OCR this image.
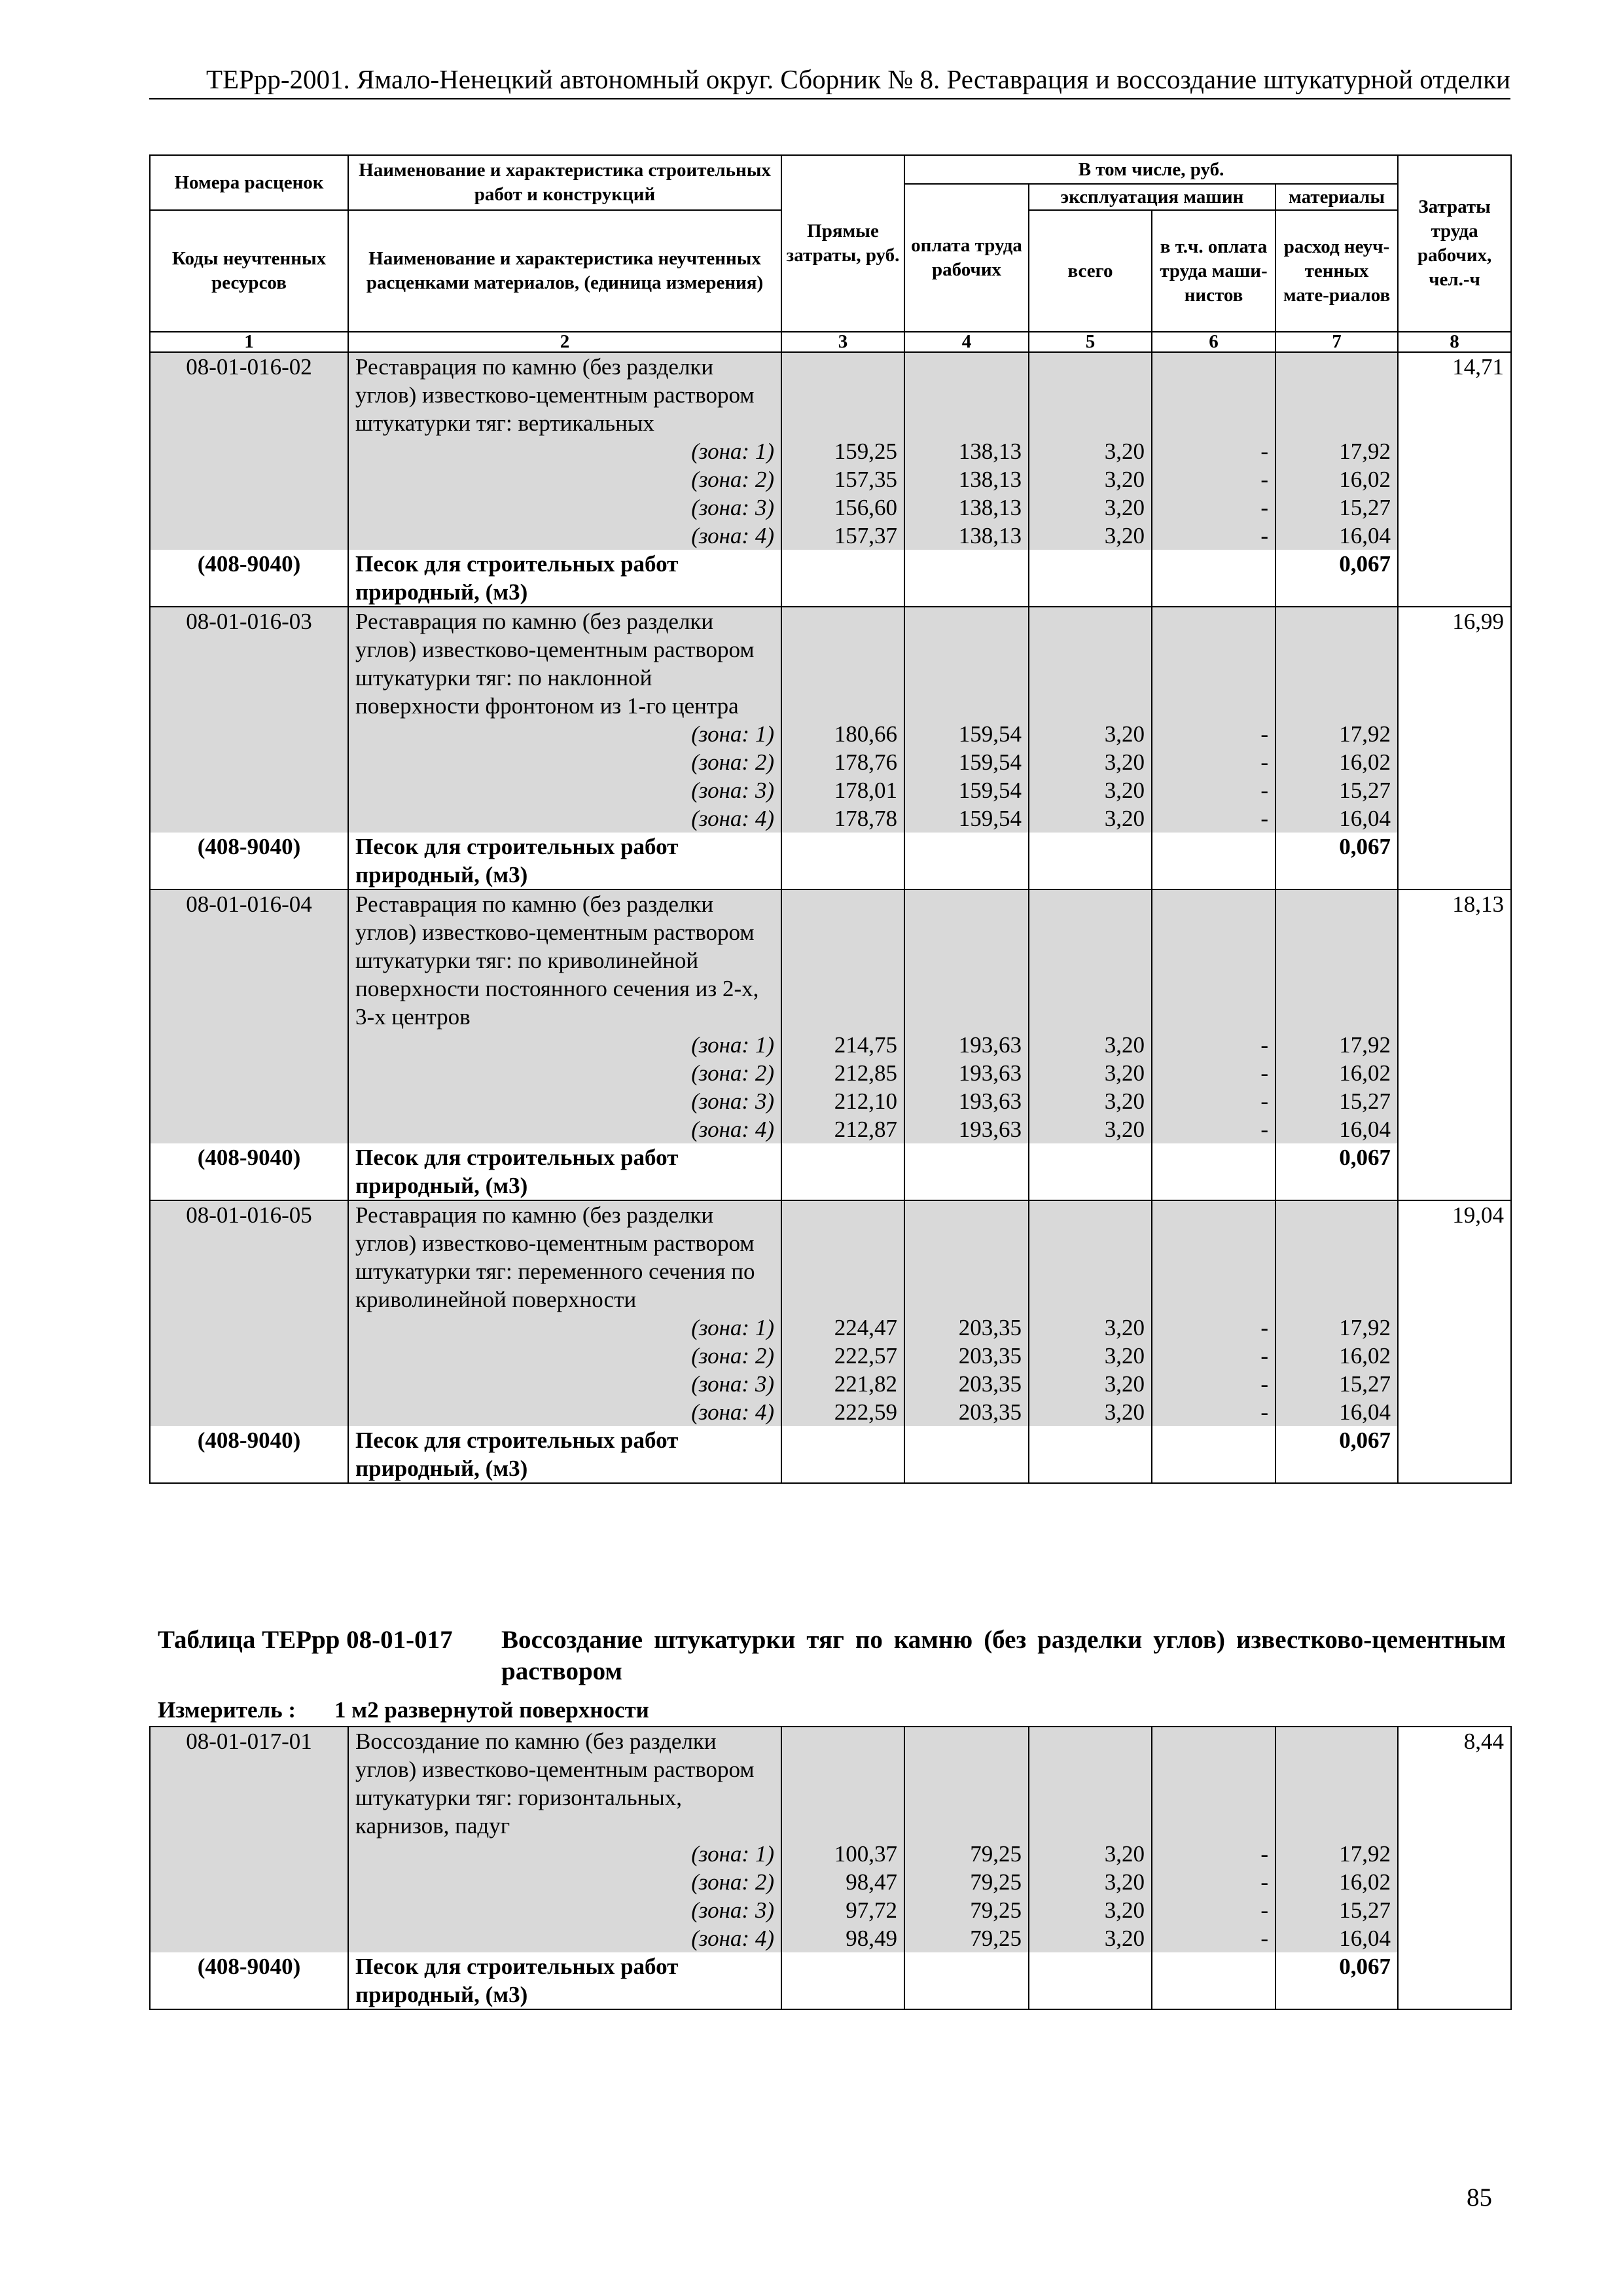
ТЕРрр-2001. Ямало-Ненецкий автономный округ. Сборник № 8. Реставрация и воссоздание штукатурной отделки
Номера расценок	Наименование и характеристика строительных работ и конструкций	Прямые затраты, руб.	В том числе, руб.				Затраты труда рабочих, чел.-ч
			оплата труда рабочих	эксплуатация машин		материалы	
Коды неучтенных ресурсов	Наименование и характеристика неучтенных расценками материалов, (единица измерения)			всего	в т.ч. оплата труда маши-нистов	расход неуч-тенных мате-риалов	

1	2	3	4	5	6	7	8
08-01-016-02	Реставрация по камню (без разделки углов) известково-цементным раствором штукатурки тяг: вертикальных						14,71
	(зона: 1)	159,25	138,13	3,20	-	17,92	
	(зона: 2)	157,35	138,13	3,20	-	16,02	
	(зона: 3)	156,60	138,13	3,20	-	15,27	
	(зона: 4)	157,37	138,13	3,20	-	16,04	
(408-9040)	Песок для строительных работ природный, (м3)					0,067	
08-01-016-03	Реставрация по камню (без разделки углов) известково-цементным раствором штукатурки тяг: по наклонной поверхности фронтоном из 1-го центра						16,99
	(зона: 1)	180,66	159,54	3,20	-	17,92	
	(зона: 2)	178,76	159,54	3,20	-	16,02	
	(зона: 3)	178,01	159,54	3,20	-	15,27	
	(зона: 4)	178,78	159,54	3,20	-	16,04	
(408-9040)	Песок для строительных работ природный, (м3)					0,067	
08-01-016-04	Реставрация по камню (без разделки углов) известково-цементным раствором штукатурки тяг: по криволинейной поверхности постоянного сечения из 2-х, 3-х центров						18,13
	(зона: 1)	214,75	193,63	3,20	-	17,92	
	(зона: 2)	212,85	193,63	3,20	-	16,02	
	(зона: 3)	212,10	193,63	3,20	-	15,27	
	(зона: 4)	212,87	193,63	3,20	-	16,04	
(408-9040)	Песок для строительных работ природный, (м3)					0,067	
08-01-016-05	Реставрация по камню (без разделки углов) известково-цементным раствором штукатурки тяг: переменного сечения по криволинейной поверхности						19,04
	(зона: 1)	224,47	203,35	3,20	-	17,92	
	(зона: 2)	222,57	203,35	3,20	-	16,02	
	(зона: 3)	221,82	203,35	3,20	-	15,27	
	(зона: 4)	222,59	203,35	3,20	-	16,04	
(408-9040)	Песок для строительных работ природный, (м3)					0,067	
Таблица ТЕРрр 08-01-017 Воссоздание штукатурки тяг по камню (без разделки углов) известково-цементным раствором
Измеритель : 1 м2 развернутой поверхности
08-01-017-01	Воссоздание по камню (без разделки углов) известково-цементным раствором штукатурки тяг: горизонтальных, карнизов, падуг						8,44
	(зона: 1)	100,37	79,25	3,20	-	17,92	
	(зона: 2)	98,47	79,25	3,20	-	16,02	
	(зона: 3)	97,72	79,25	3,20	-	15,27	
	(зона: 4)	98,49	79,25	3,20	-	16,04	
(408-9040)	Песок для строительных работ природный, (м3)					0,067	
85
